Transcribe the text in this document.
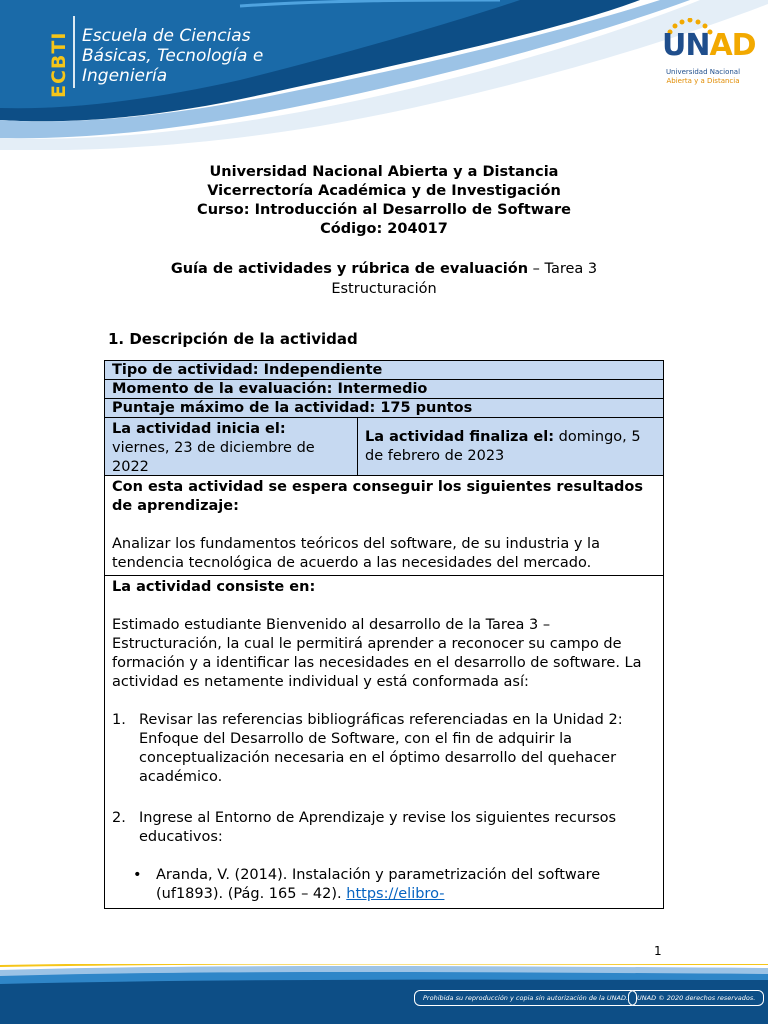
ECBTI Escuela de Ciencias
Básicas, Tecnología e
Ingeniería
UNAD
Universidad Nacional
Abierta y a Distancia
Universidad Nacional Abierta y a Distancia
Vicerrectoría Académica y de Investigación
Curso: Introducción al Desarrollo de Software
Código: 204017
Guía de actividades y rúbrica de evaluación – Tarea 3
Estructuración
1. Descripción de la actividad
Tipo de actividad: Independiente
Momento de la evaluación: Intermedio
Puntaje máximo de la actividad: 175 puntos
La actividad inicia el:
viernes, 23 de diciembre de 2022
La actividad finaliza el: domingo, 5 de febrero de 2023

Con esta actividad se espera conseguir los siguientes resultados de aprendizaje:

Analizar los fundamentos teóricos del software, de su industria y la tendencia tecnológica de acuerdo a las necesidades del mercado.

La actividad consiste en:

Estimado estudiante Bienvenido al desarrollo de la Tarea 3 – Estructuración, la cual le permitirá aprender a reconocer su campo de formación y a identificar las necesidades en el desarrollo de software. La actividad es netamente individual y está conformada así:

1. Revisar las referencias bibliográficas referenciadas en la Unidad 2: Enfoque del Desarrollo de Software, con el fin de adquirir la conceptualización necesaria en el óptimo desarrollo del quehacer académico.
2. Ingrese al Entorno de Aprendizaje y revise los siguientes recursos educativos:
• Aranda, V. (2014). Instalación y parametrización del software (uf1893). (Pág. 165 – 42). https://elibro-
1
Prohibida su reproducción y copia sin autorización de la UNAD.	UNAD © 2020 derechos reservados.
